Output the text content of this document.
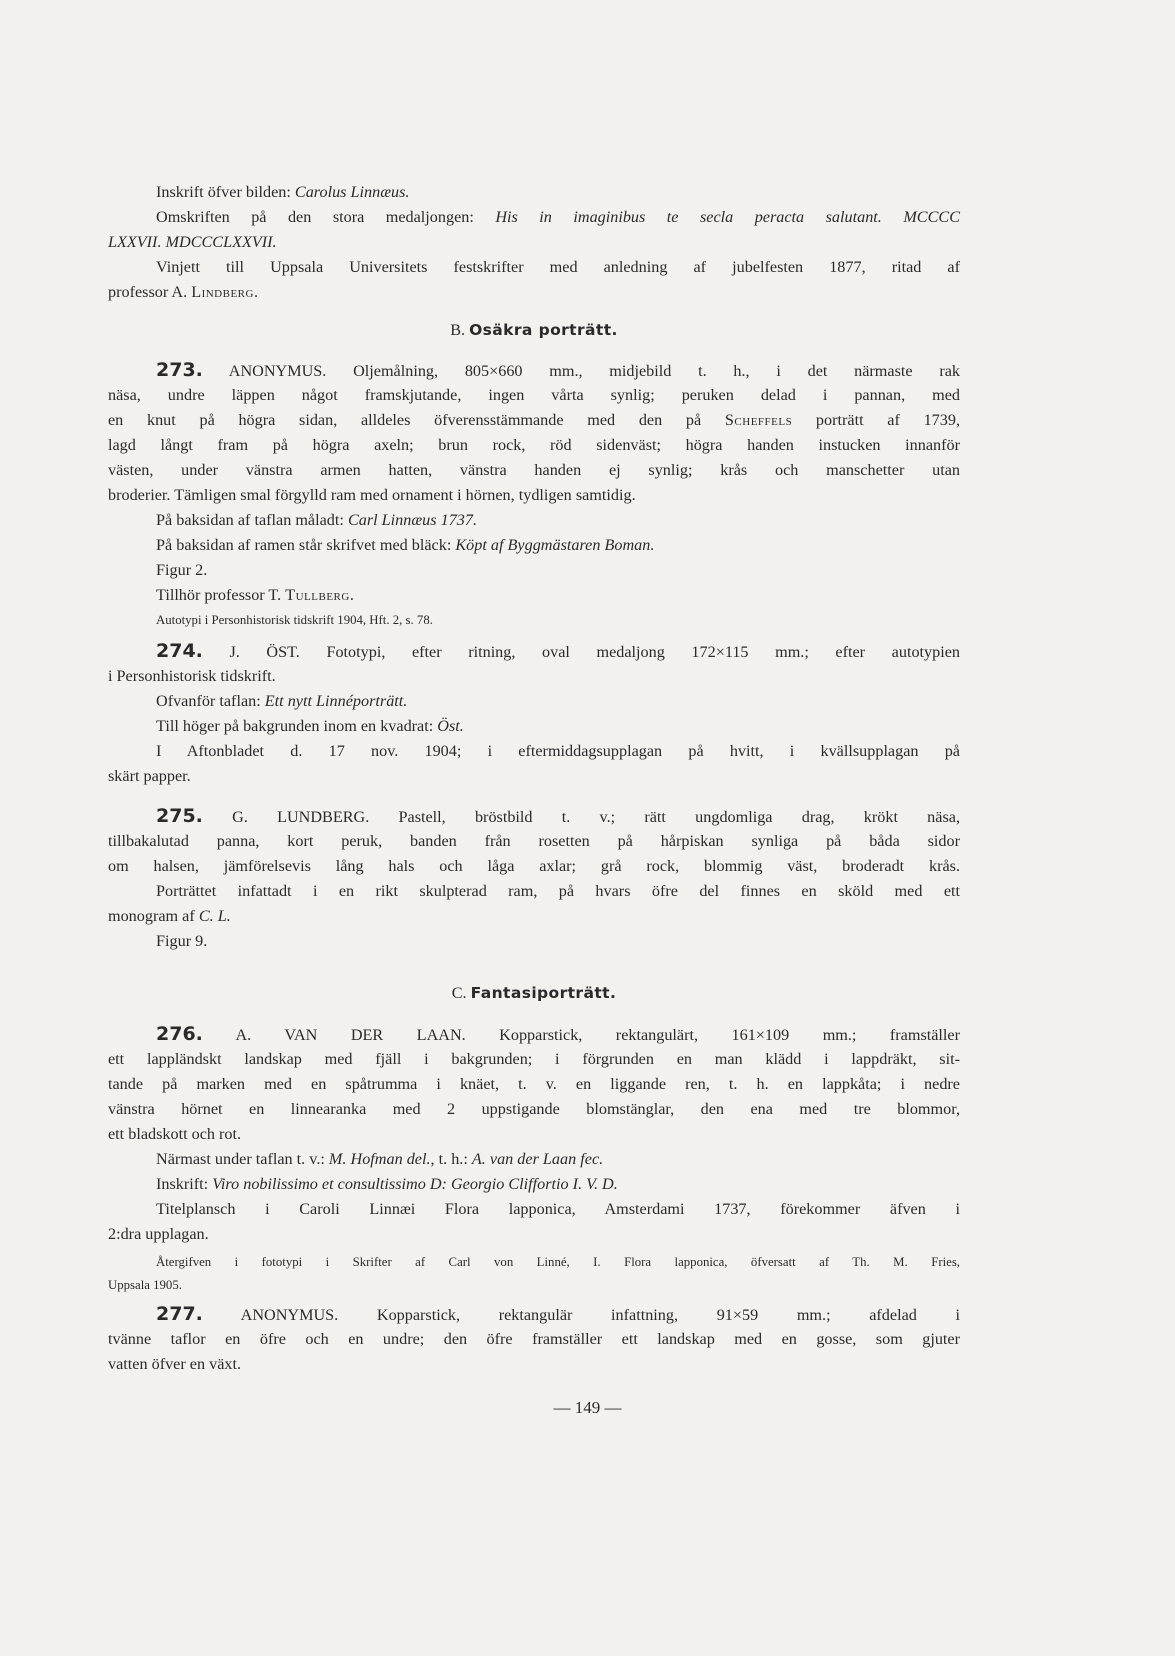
Inskrift öfver bilden: Carolus Linnæus.
Omskriften på den stora medaljongen: His in imaginibus te secla peracta salutant. MCCCC
LXXVII. MDCCCLXXVII.
Vinjett till Uppsala Universitets festskrifter med anledning af jubelfesten 1877, ritad af
professor A. Lindberg.
B. Osäkra porträtt.
273. ANONYMUS. Oljemålning, 805×660 mm., midjebild t. h., i det närmaste rak
näsa, undre läppen något framskjutande, ingen vårta synlig; peruken delad i pannan, med
en knut på högra sidan, alldeles öfverensstämmande med den på Scheffels porträtt af 1739,
lagd långt fram på högra axeln; brun rock, röd sidenväst; högra handen instucken innanför
västen, under vänstra armen hatten, vänstra handen ej synlig; krås och manschetter utan
broderier. Tämligen smal förgylld ram med ornament i hörnen, tydligen samtidig.
På baksidan af taflan måladt: Carl Linnæus 1737.
På baksidan af ramen står skrifvet med bläck: Köpt af Byggmästaren Boman.
Figur 2.
Tillhör professor T. Tullberg.
Autotypi i Personhistorisk tidskrift 1904, Hft. 2, s. 78.
274. J. ÖST. Fototypi, efter ritning, oval medaljong 172×115 mm.; efter autotypien
i Personhistorisk tidskrift.
Ofvanför taflan: Ett nytt Linnéporträtt.
Till höger på bakgrunden inom en kvadrat: Öst.
I Aftonbladet d. 17 nov. 1904; i eftermiddagsupplagan på hvitt, i kvällsupplagan på
skärt papper.
275. G. LUNDBERG. Pastell, bröstbild t. v.; rätt ungdomliga drag, krökt näsa,
tillbakalutad panna, kort peruk, banden från rosetten på hårpiskan synliga på båda sidor
om halsen, jämförelsevis lång hals och låga axlar; grå rock, blommig väst, broderadt krås.
Porträttet infattadt i en rikt skulpterad ram, på hvars öfre del finnes en sköld med ett
monogram af C. L.
Figur 9.
C. Fantasiporträtt.
276. A. VAN DER LAAN. Kopparstick, rektangulärt, 161×109 mm.; framställer
ett lappländskt landskap med fjäll i bakgrunden; i förgrunden en man klädd i lappdräkt, sit-
tande på marken med en spåtrumma i knäet, t. v. en liggande ren, t. h. en lappkåta; i nedre
vänstra hörnet en linnearanka med 2 uppstigande blomstänglar, den ena med tre blommor,
ett bladskott och rot.
Närmast under taflan t. v.: M. Hofman del., t. h.: A. van der Laan fec.
Inskrift: Viro nobilissimo et consultissimo D: Georgio Cliffortio I. V. D.
Titelplansch i Caroli Linnæi Flora lapponica, Amsterdami 1737, förekommer äfven i
2:dra upplagan.
Återgifven i fototypi i Skrifter af Carl von Linné, I. Flora lapponica, öfversatt af Th. M. Fries,
Uppsala 1905.
277. ANONYMUS. Kopparstick, rektangulär infattning, 91×59 mm.; afdelad i
tvänne taflor en öfre och en undre; den öfre framställer ett landskap med en gosse, som gjuter
vatten öfver en växt.
— 149 —
